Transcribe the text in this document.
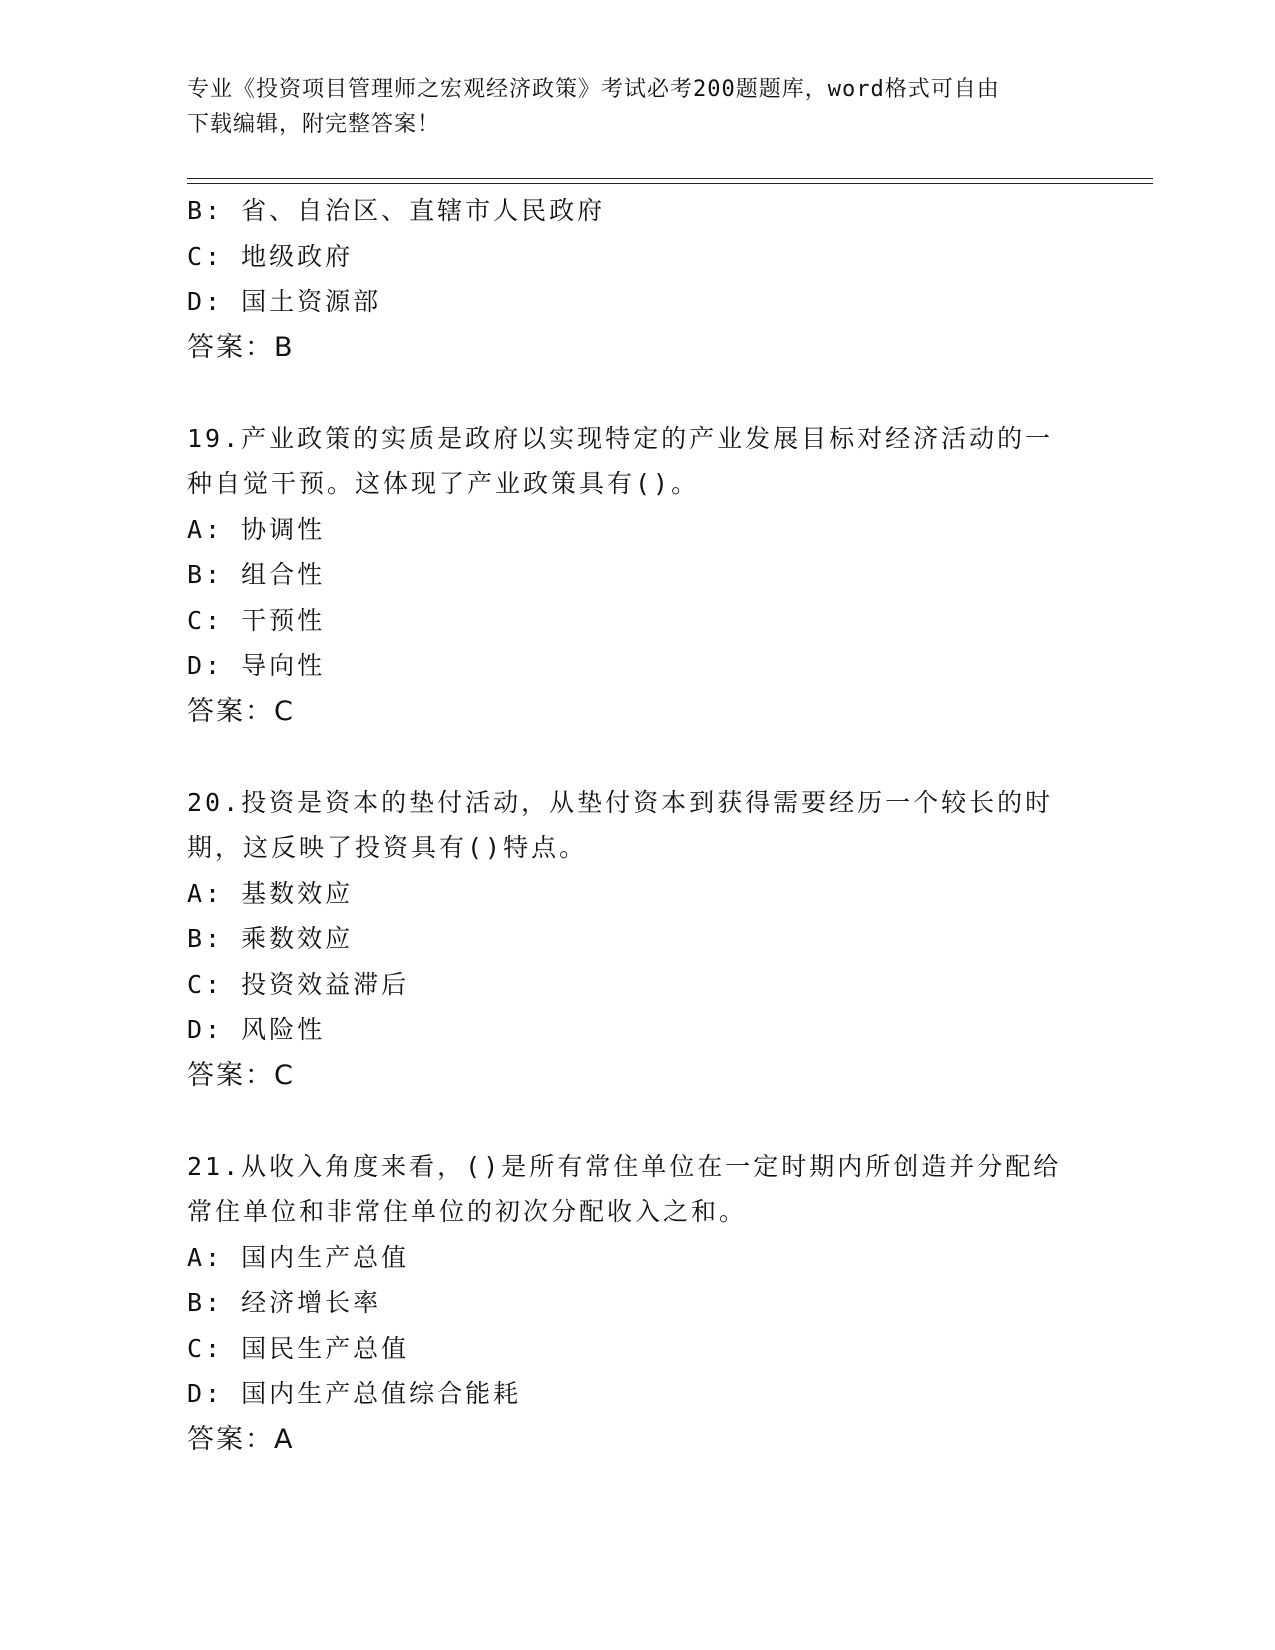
专业《投资项目管理师之宏观经济政策》考试必考200题题库，word格式可自由
下载编辑，附完整答案！
B: 省、自治区、直辖市人民政府
C: 地级政府
D: 国土资源部
答案：B
19.产业政策的实质是政府以实现特定的产业发展目标对经济活动的一
种自觉干预。这体现了产业政策具有()。
A: 协调性
B: 组合性
C: 干预性
D: 导向性
答案：C
20.投资是资本的垫付活动，从垫付资本到获得需要经历一个较长的时
期，这反映了投资具有()特点。
A: 基数效应
B: 乘数效应
C: 投资效益滞后
D: 风险性
答案：C
21.从收入角度来看，()是所有常住单位在一定时期内所创造并分配给
常住单位和非常住单位的初次分配收入之和。
A: 国内生产总值
B: 经济增长率
C: 国民生产总值
D: 国内生产总值综合能耗
答案：A
